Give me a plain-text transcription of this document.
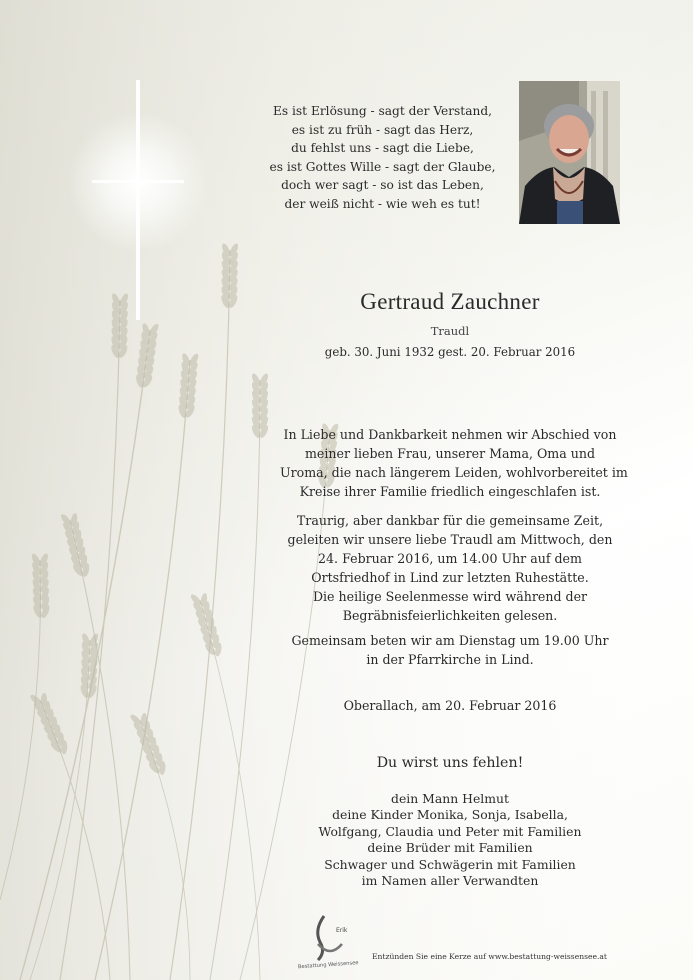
Es ist Erlösung - sagt der Verstand,
es ist zu früh - sagt das Herz,
du fehlst uns - sagt die Liebe,
es ist Gottes Wille - sagt der Glaube,
doch wer sagt - so ist das Leben,
der weiß nicht - wie weh es tut!
Gertraud Zauchner
Traudl
geb. 30. Juni 1932 gest. 20. Februar 2016
In Liebe und Dankbarkeit nehmen wir Abschied von
meiner lieben Frau, unserer Mama, Oma und
Uroma, die nach längerem Leiden, wohlvorbereitet im
Kreise ihrer Familie friedlich eingeschlafen ist.
Traurig, aber dankbar für die gemeinsame Zeit,
geleiten wir unsere liebe Traudl am Mittwoch, den
24. Februar 2016, um 14.00 Uhr auf dem
Ortsfriedhof in Lind zur letzten Ruhestätte.
Die heilige Seelenmesse wird während der
Begräbnisfeierlichkeiten gelesen.
Gemeinsam beten wir am Dienstag um 19.00 Uhr
in der Pfarrkirche in Lind.
Oberallach, am 20. Februar 2016
Du wirst uns fehlen!
dein Mann Helmut
deine Kinder Monika, Sonja, Isabella,
Wolfgang, Claudia und Peter mit Familien
deine Brüder mit Familien
Schwager und Schwägerin mit Familien
im Namen aller Verwandten
Erik
Bestattung Weissensee
Entzünden Sie eine Kerze auf www.bestattung-weissensee.at
